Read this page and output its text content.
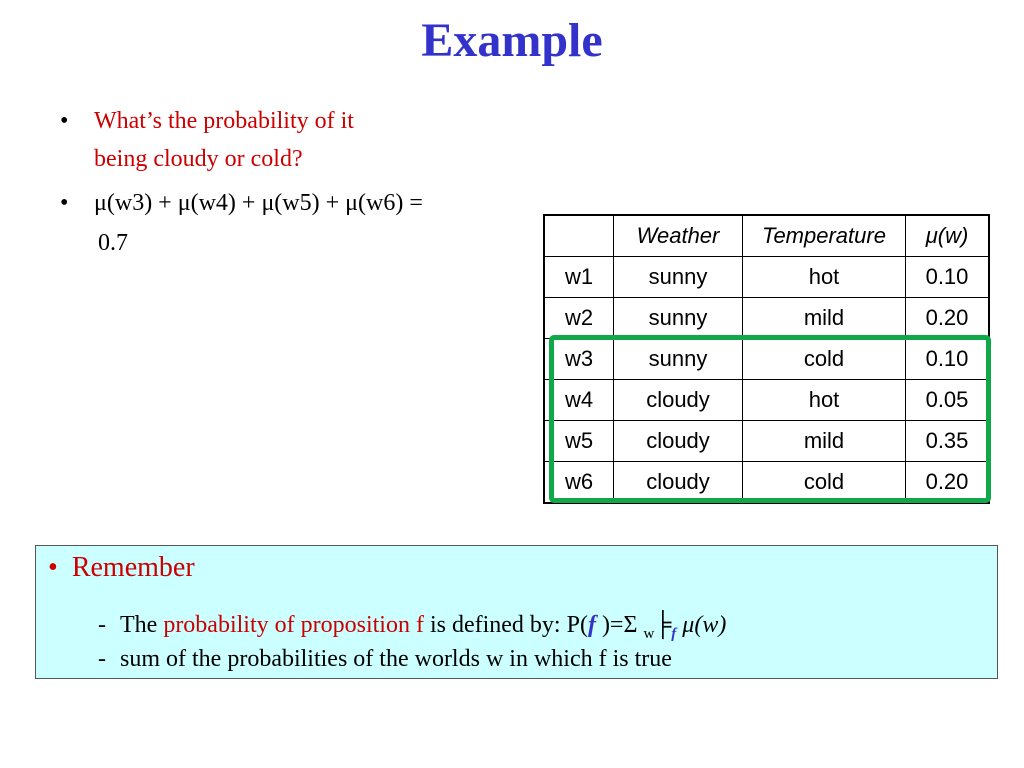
Example
• What’s the probability of it
being cloudy or cold?
•	μ(w3) + μ(w4) + μ(w5) + μ(w6) =
0.7
		Weather	Temperature	μ(w)
w1	sunny	hot	0.10
w2	sunny	mild	0.20
w3	sunny	cold	0.10
w4	cloudy	hot	0.05
w5	cloudy	mild	0.35
w6	cloudy	cold	0.20
• Remember
- The probability of proposition f is defined by: P(f )=Σ $_w╞_f$ μ(w)
- sum of the probabilities of the worlds w in which f is true
